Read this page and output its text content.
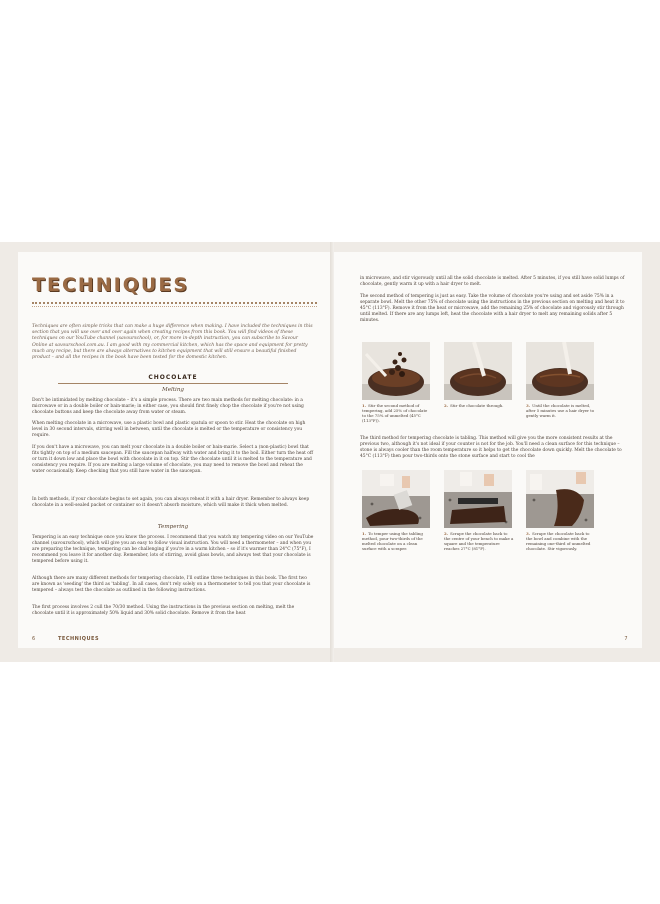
TECHNIQUES

Techniques are often simple tricks that can make a huge difference when making. I have included the techniques in this section that you will use over and over again when creating recipes from this book. You will find videos of these techniques on our YouTube channel (savourschool), or, for more in-depth instruction, you can subscribe to Savour Online at savourschool.com.au. I am good with my commercial kitchen, which has the space and equipment for pretty much any recipe, but there are always alternatives to kitchen equipment that will still ensure a beautiful finished product – and all the recipes in the book have been tested for the domestic kitchen.

CHOCOLATE
Melting

Don't be intimidated by melting chocolate – it's a simple process. There are two main methods for melting chocolate: in a microwave or in a double boiler or bain-marie; in either case, you should first finely chop the chocolate if you're not using chocolate buttons and keep the chocolate away from water or steam.

When melting chocolate in a microwave, use a plastic bowl and plastic spatula or spoon to stir. Heat the chocolate on high level in 30 second intervals, stirring well in between, until the chocolate is melted or the temperature or consistency you require.

If you don't have a microwave, you can melt your chocolate in a double boiler or bain-marie. Select a (non-plastic) bowl that fits tightly on top of a medium saucepan. Fill the saucepan halfway with water and bring it to the boil. Either turn the heat off or turn it down low and place the bowl with chocolate in it on top. Stir the chocolate until it is melted to the temperature and consistency you require. If you are melting a large volume of chocolate, you may need to remove the bowl and reheat the water occasionally. Keep checking that you still have water in the saucepan.

In both methods, if your chocolate begins to set again, you can always reheat it with a hair dryer. Remember to always keep chocolate in a well-sealed packet or container so it doesn't absorb moisture, which will make it thick when melted.

Tempering

Tempering is an easy technique once you know the process. I recommend that you watch my tempering video on our YouTube channel (savourschool), which will give you an easy to follow visual instruction. You will need a thermometer – and when you are preparing the technique, tempering can be challenging if you're in a warm kitchen – so if it's warmer than 24°C (75°F), I recommend you leave it for another day. Remember, lots of stirring, avoid glass bowls, and always test that your chocolate is tempered before using it.

Although there are many different methods for tempering chocolate, I'll outline three techniques in this book. The first two are known as 'seeding' the third as 'tabling'. In all cases, don't rely solely on a thermometer to tell you that your chocolate is tempered – always test the chocolate as outlined in the following instructions.

The first process involves 2 cull the 70/30 method. Using the instructions in the previous section on melting, melt the chocolate until it is approximately 50% liquid and 30% solid chocolate. Remove it from the heat

6	TECHNIQUES

in microwave, and stir vigorously until all the solid chocolate is melted. After 5 minutes, if you still have solid lumps of chocolate, gently warm it up with a hair dryer to melt.

The second method of tempering is just as easy. Take the volume of chocolate you're using and set aside 75% in a separate bowl. Melt the other 75% of chocolate using the instructions in the previous section on melting and heat it to 45°C (113°F). Remove it from the heat or microwave, add the remaining 25% of chocolate and vigorously stir through until melted. If there are any lumps left, heat the chocolate with a hair dryer to melt any remaining solids after 5 minutes.

1. Stir the second method of tempering, add 25% of chocolate to the 75% of unmelted (45°C (113°F)).
2. Stir the chocolate through.	3. Until the chocolate is melted, after 5 minutes use a hair dryer to gently warm it.

The third method for tempering chocolate is tabling. This method will give you the more consistent results at the previous two, although it's not ideal if your counter is not for the job. You'll need a clean surface for this technique – stone is always cooler than the room temperature so it helps to get the chocolate down quickly. Melt the chocolate to 45°C (113°F) then pour two-thirds onto the stone surface and start to cool the

1. To temper using the tabling method, pour two-thirds of the melted chocolate on a clean surface with a scraper.
2. Scrape the chocolate back to the centre of your bench to make a square and the temperature reaches 27°C (81°F).
3. Scrape the chocolate back to the bowl and combine with the remaining one-third of unmelted chocolate. Stir vigorously.
7
